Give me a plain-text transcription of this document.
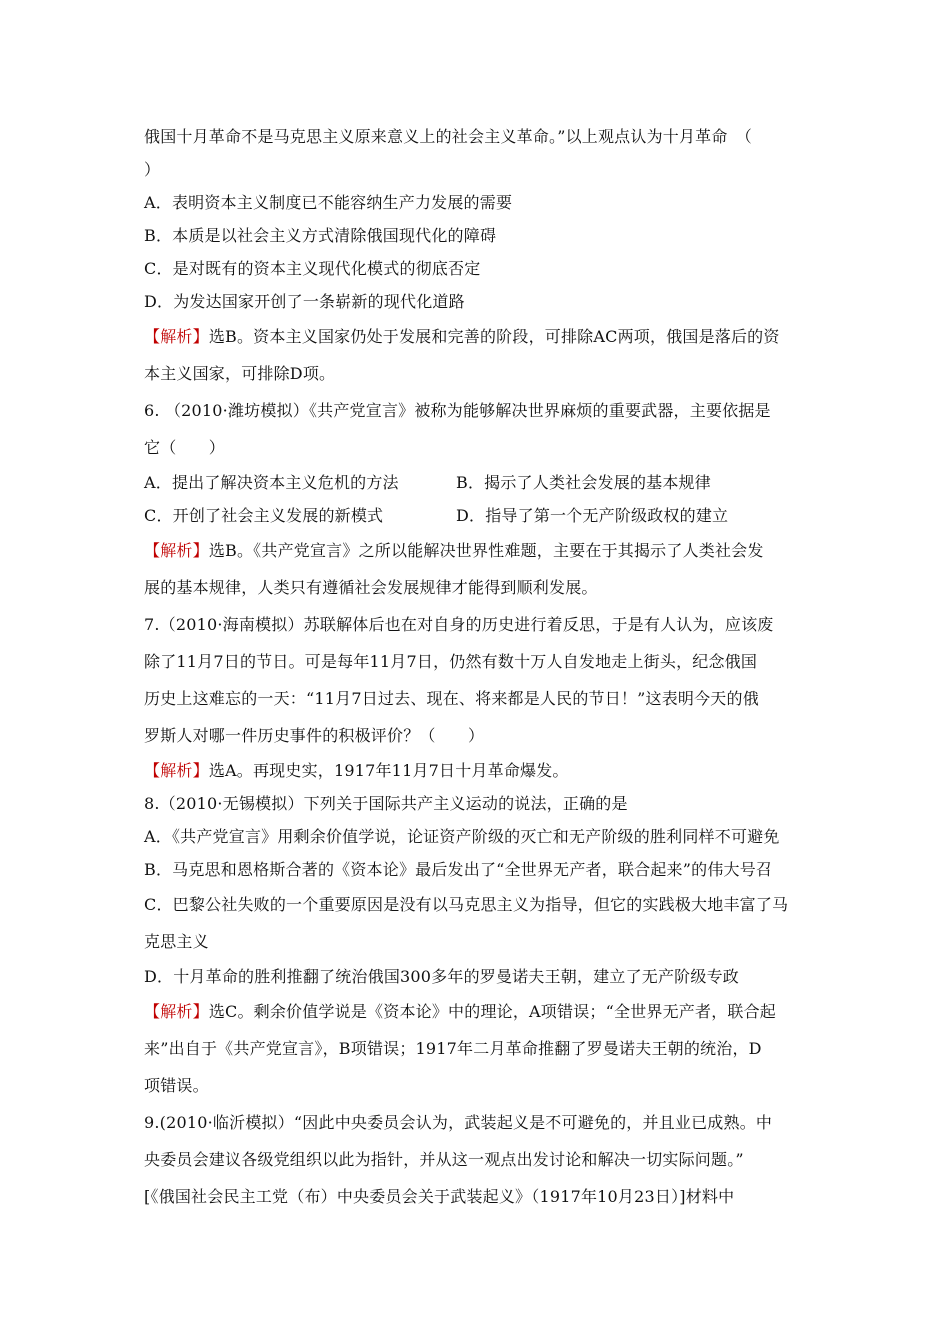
俄国十月革命不是马克思主义原来意义上的社会主义革命。”以上观点认为十月革命　（
）
A．表明资本主义制度已不能容纳生产力发展的需要
B．本质是以社会主义方式清除俄国现代化的障碍
C．是对既有的资本主义现代化模式的彻底否定
D．为发达国家开创了一条崭新的现代化道路
【解析】选B。资本主义国家仍处于发展和完善的阶段，可排除AC两项，俄国是落后的资
本主义国家，可排除D项。
6. （2010·潍坊模拟）《共产党宣言》被称为能够解决世界麻烦的重要武器，主要依据是
它（　　）
A．提出了解决资本主义危机的方法	B．揭示了人类社会发展的基本规律
C．开创了社会主义发展的新模式	D．指导了第一个无产阶级政权的建立
【解析】选B。《共产党宣言》之所以能解决世界性难题，主要在于其揭示了人类社会发
展的基本规律，人类只有遵循社会发展规律才能得到顺利发展。
7.（2010·海南模拟）苏联解体后也在对自身的历史进行着反思，于是有人认为，应该废
除了11月7日的节日。可是每年11月7日，仍然有数十万人自发地走上街头，纪念俄国
历史上这难忘的一天：“11月7日过去、现在、将来都是人民的节日！”这表明今天的俄
罗斯人对哪一件历史事件的积极评价？（　　）
【解析】选A。再现史实，1917年11月7日十月革命爆发。
8.（2010·无锡模拟）下列关于国际共产主义运动的说法，正确的是
A．《共产党宣言》用剩余价值学说，论证资产阶级的灭亡和无产阶级的胜利同样不可避免
B．马克思和恩格斯合著的《资本论》最后发出了“全世界无产者，联合起来”的伟大号召
C．巴黎公社失败的一个重要原因是没有以马克思主义为指导，但它的实践极大地丰富了马
克思主义
D．十月革命的胜利推翻了统治俄国300多年的罗曼诺夫王朝，建立了无产阶级专政
【解析】选C。剩余价值学说是《资本论》中的理论，A项错误；“全世界无产者，联合起
来”出自于《共产党宣言》，B项错误；1917年二月革命推翻了罗曼诺夫王朝的统治，D
项错误。
9.(2010·临沂模拟）“因此中央委员会认为，武装起义是不可避免的，并且业已成熟。中
央委员会建议各级党组织以此为指针，并从这一观点出发讨论和解决一切实际问题。”
[《俄国社会民主工党（布）中央委员会关于武装起义》（1917年10月23日）]材料中
